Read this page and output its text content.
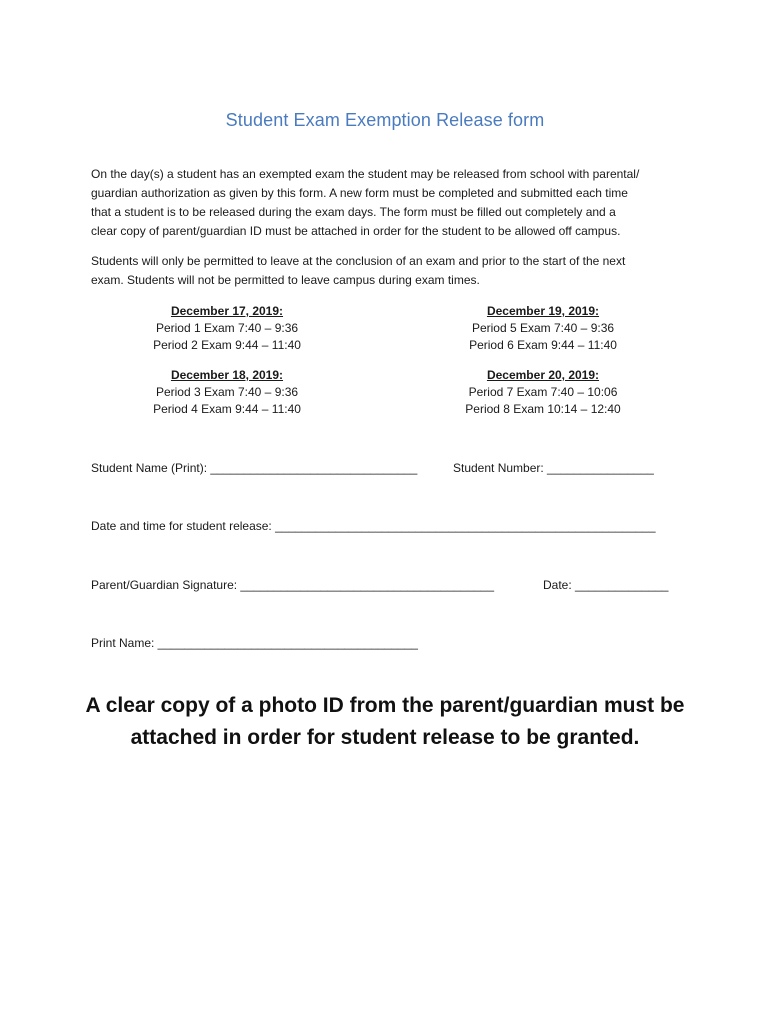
Student Exam Exemption Release form
On the day(s) a student has an exempted exam the student may be released from school with parental/
guardian authorization as given by this form. A new form must be completed and submitted each time
that a student is to be released during the exam days. The form must be filled out completely and a
clear copy of parent/guardian ID must be attached in order for the student to be allowed off campus.
Students will only be permitted to leave at the conclusion of an exam and prior to the start of the next
exam. Students will not be permitted to leave campus during exam times.
December 17, 2019:
Period 1 Exam 7:40 – 9:36
Period 2 Exam 9:44 – 11:40
December 19, 2019:
Period 5 Exam 7:40 – 9:36
Period 6 Exam 9:44 – 11:40
December 18, 2019:
Period 3 Exam 7:40 – 9:36
Period 4 Exam 9:44 – 11:40
December 20, 2019:
Period 7 Exam 7:40 – 10:06
Period 8 Exam 10:14 – 12:40
Student Name (Print): _______________________________	Student Number: ________________
Date and time for student release: _________________________________________________________
Parent/Guardian Signature: ______________________________________	Date: ______________
Print Name: _______________________________________
A clear copy of a photo ID from the parent/guardian must be
attached in order for student release to be granted.
